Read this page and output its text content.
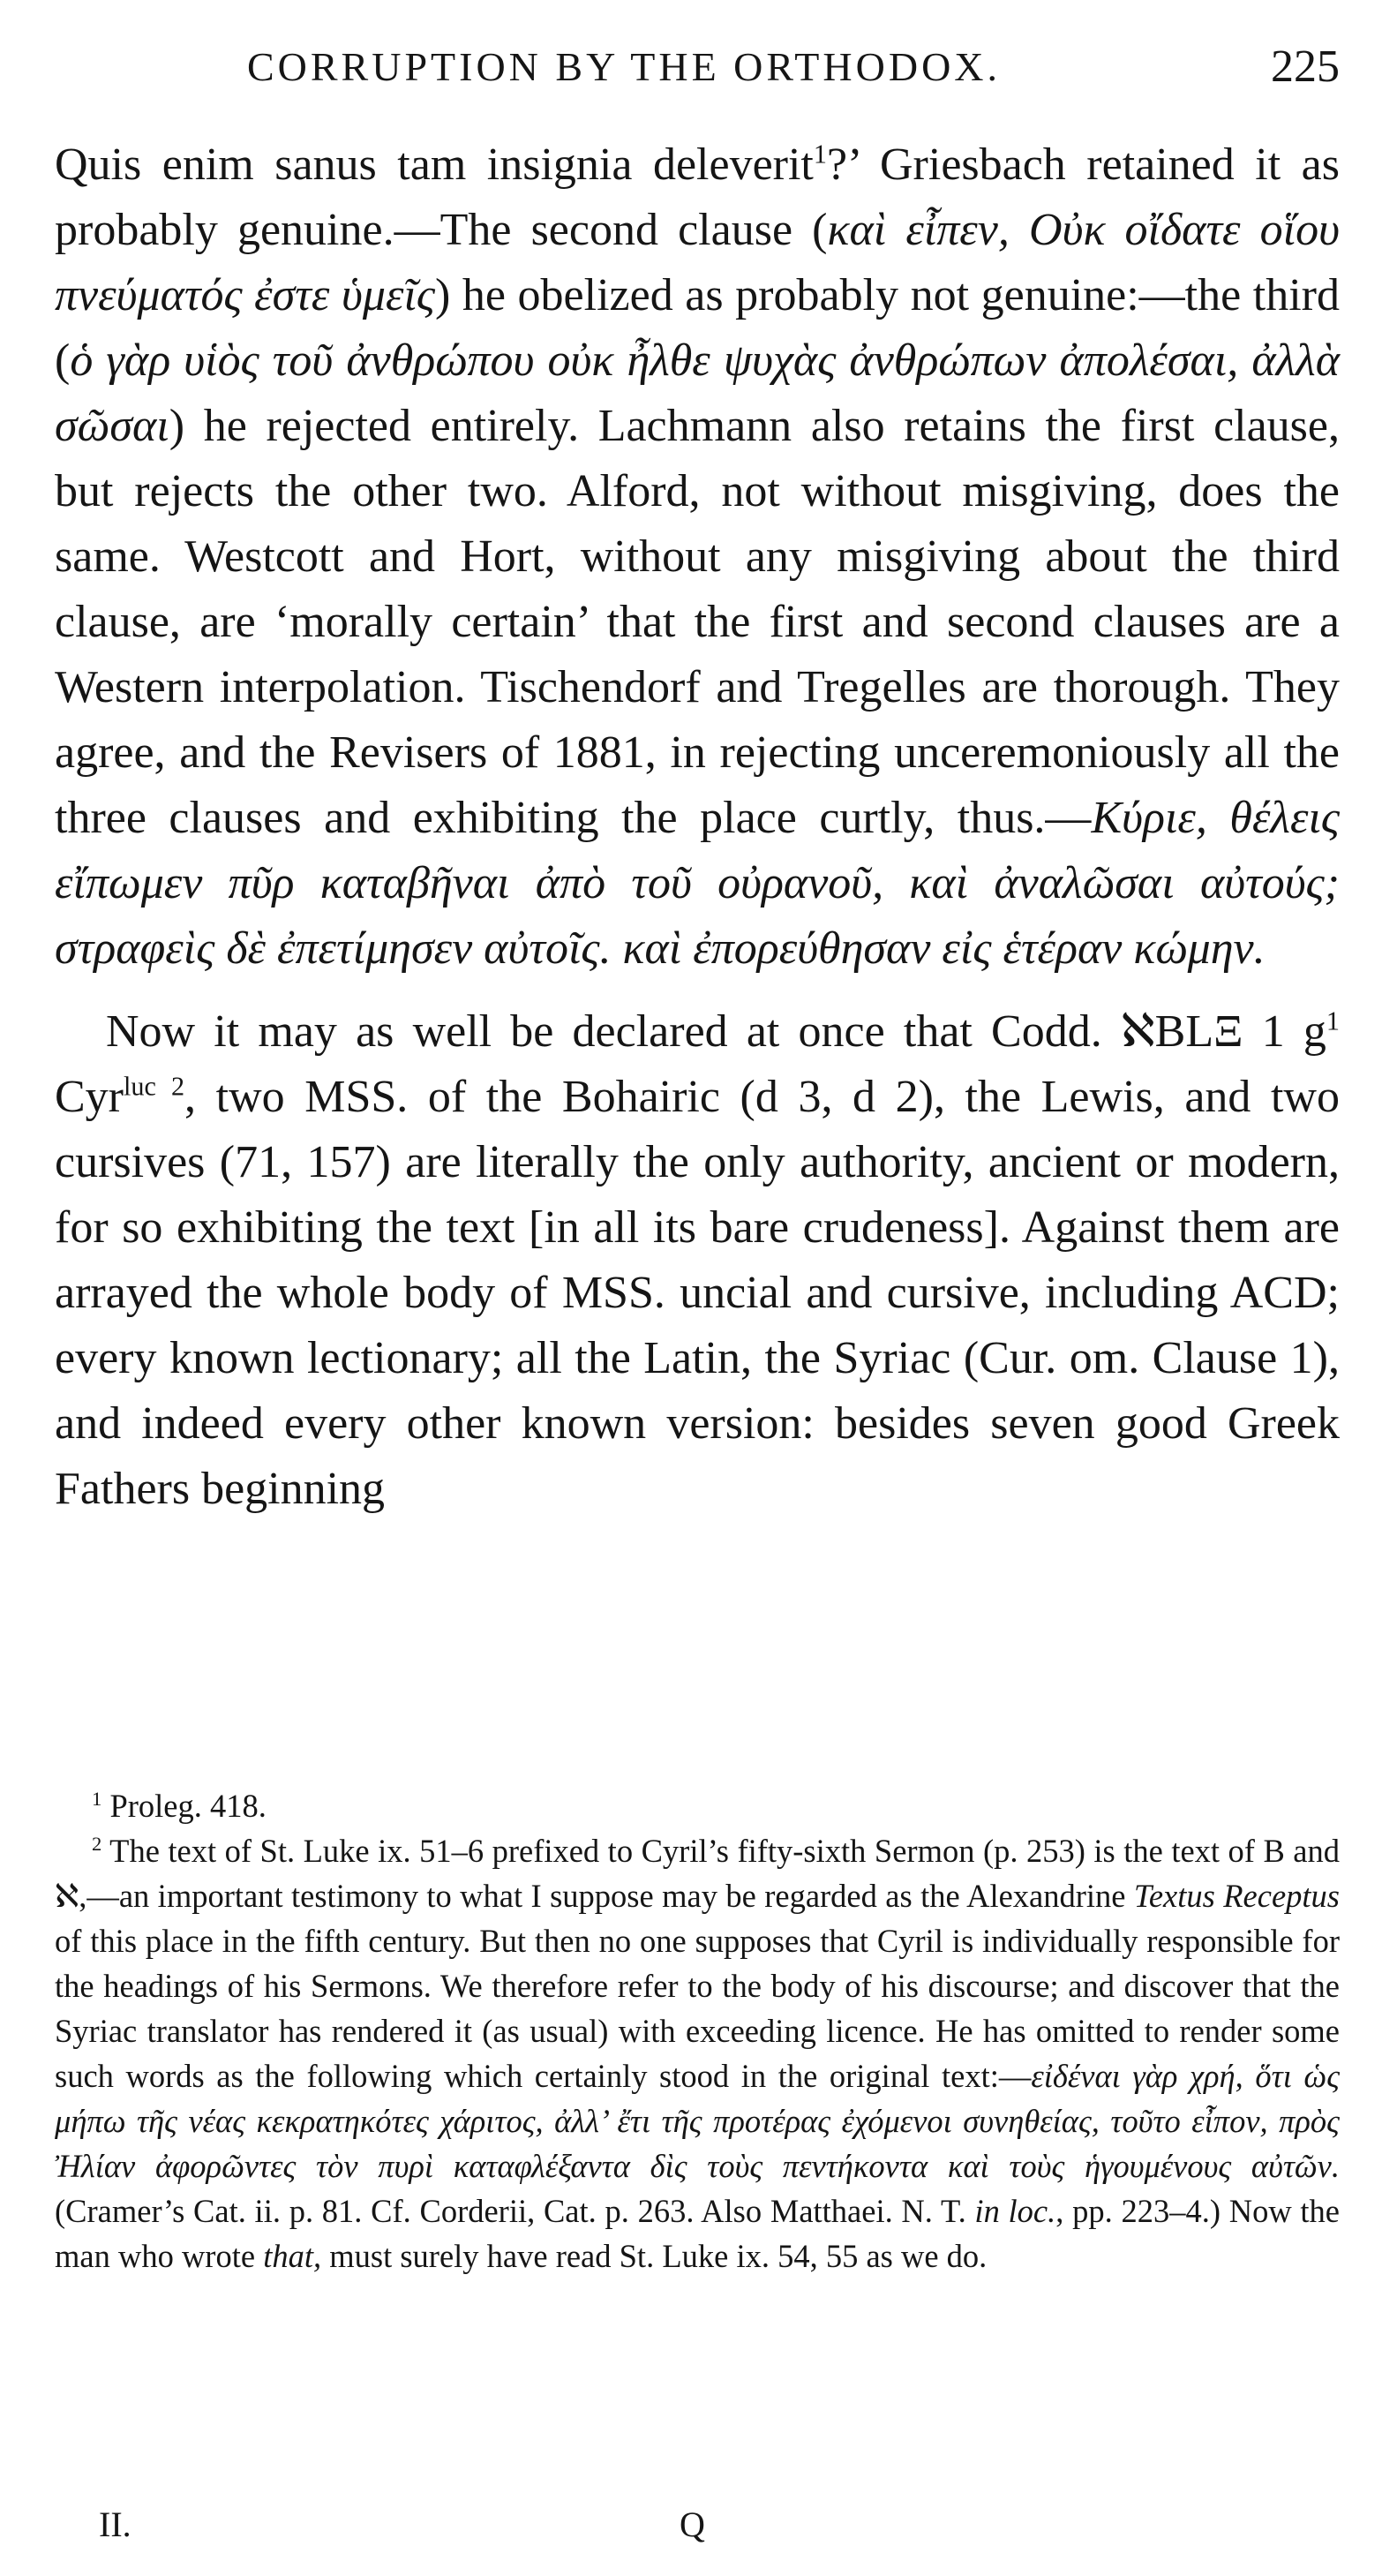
CORRUPTION BY THE ORTHODOX.	225

Quis enim sanus tam insignia deleverit$^1$?’ Griesbach retained it as probably genuine.—The second clause (καὶ εἶπεν, Οὐκ οἴδατε οἵου πνεύματός ἐστε ὑμεῖς) he obelized as probably not genuine:—the third (ὁ γὰρ υἱὸς τοῦ ἀνθρώπου οὐκ ἦλθε ψυχὰς ἀνθρώπων ἀπολέσαι, ἀλλὰ σῶσαι) he rejected entirely. Lachmann also retains the first clause, but rejects the other two. Alford, not without misgiving, does the same. Westcott and Hort, without any misgiving about the third clause, are ‘morally certain’ that the first and second clauses are a Western interpolation. Tischendorf and Tregelles are thorough. They agree, and the Revisers of 1881, in rejecting unceremoniously all the three clauses and exhibiting the place curtly, thus.—Κύριε, θέλεις εἴπωμεν πῦρ καταβῆναι ἀπὸ τοῦ οὐρανοῦ, καὶ ἀναλῶσαι αὐτούς; στραφεὶς δὲ ἐπετίμησεν αὐτοῖς. καὶ ἐπορεύθησαν εἰς ἑτέραν κώμην.

Now it may as well be declared at once that Codd. ℵBLΞ 1 $g^1$ Cyr$^{luc 2}$, two MSS. of the Bohairic (d 3, d 2), the Lewis, and two cursives (71, 157) are literally the only authority, ancient or modern, for so exhibiting the text [in all its bare crudeness]. Against them are arrayed the whole body of MSS. uncial and cursive, including ACD; every known lectionary; all the Latin, the Syriac (Cur. om. Clause 1), and indeed every other known version: besides seven good Greek Fathers beginning

$^1$ Proleg. 418.

$^2$ The text of St. Luke ix. 51–6 prefixed to Cyril’s fifty-sixth Sermon (p. 253) is the text of B and ℵ,—an important testimony to what I suppose may be regarded as the Alexandrine Textus Receptus of this place in the fifth century. But then no one supposes that Cyril is individually responsible for the headings of his Sermons. We therefore refer to the body of his discourse; and discover that the Syriac translator has rendered it (as usual) with exceeding licence. He has omitted to render some such words as the following which certainly stood in the original text:—εἰδέναι γὰρ χρή, ὅτι ὡς μήπω τῆς νέας κεκρατηκότες χάριτος, ἀλλ’ ἔτι τῆς προτέρας ἐχόμενοι συνηθείας, τοῦτο εἶπον, πρὸς Ἠλίαν ἀφορῶντες τὸν πυρὶ καταφλέξαντα δὶς τοὺς πεντήκοντα καὶ τοὺς ἡγουμένους αὐτῶν. (Cramer’s Cat. ii. p. 81. Cf. Corderii, Cat. p. 263. Also Matthaei. N. T. in loc., pp. 223–4.) Now the man who wrote that, must surely have read St. Luke ix. 54, 55 as we do.

II.	Q
